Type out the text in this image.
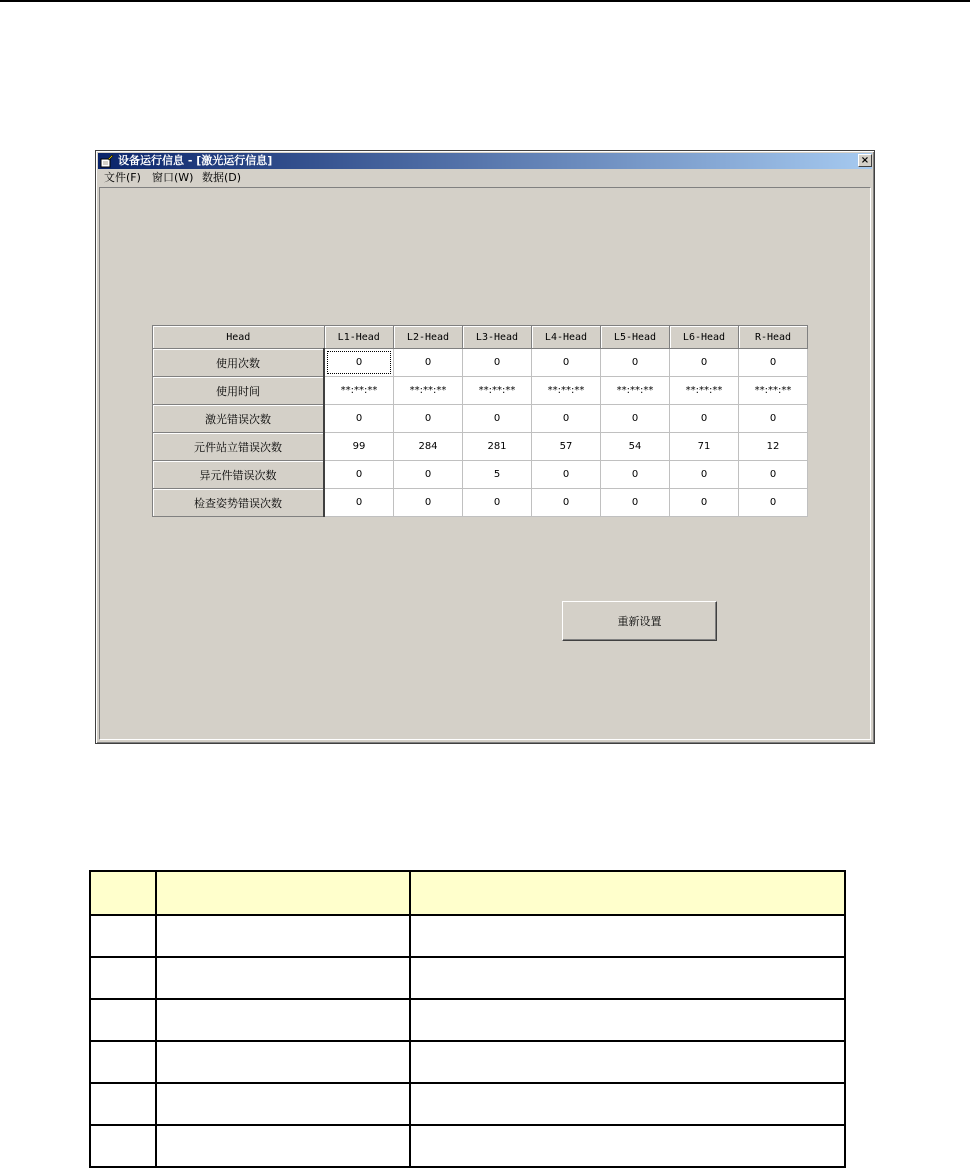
设备运行信息 - [激光运行信息]	×
文件(F) 窗口(W) 数据(D)
Head	L1-Head	L2-Head	L3-Head	L4-Head	L5-Head	L6-Head	R-Head
使用次数	0	0	0	0	0	0	0
使用时间	**:**:**	**:**:**	**:**:**	**:**:**	**:**:**	**:**:**	**:**:**
激光错误次数	0	0	0	0	0	0	0
元件站立错误次数	99	284	281	57	54	71	12
异元件错误次数	0	0	5	0	0	0	0
检查姿势错误次数	0	0	0	0	0	0	0
重新设置
